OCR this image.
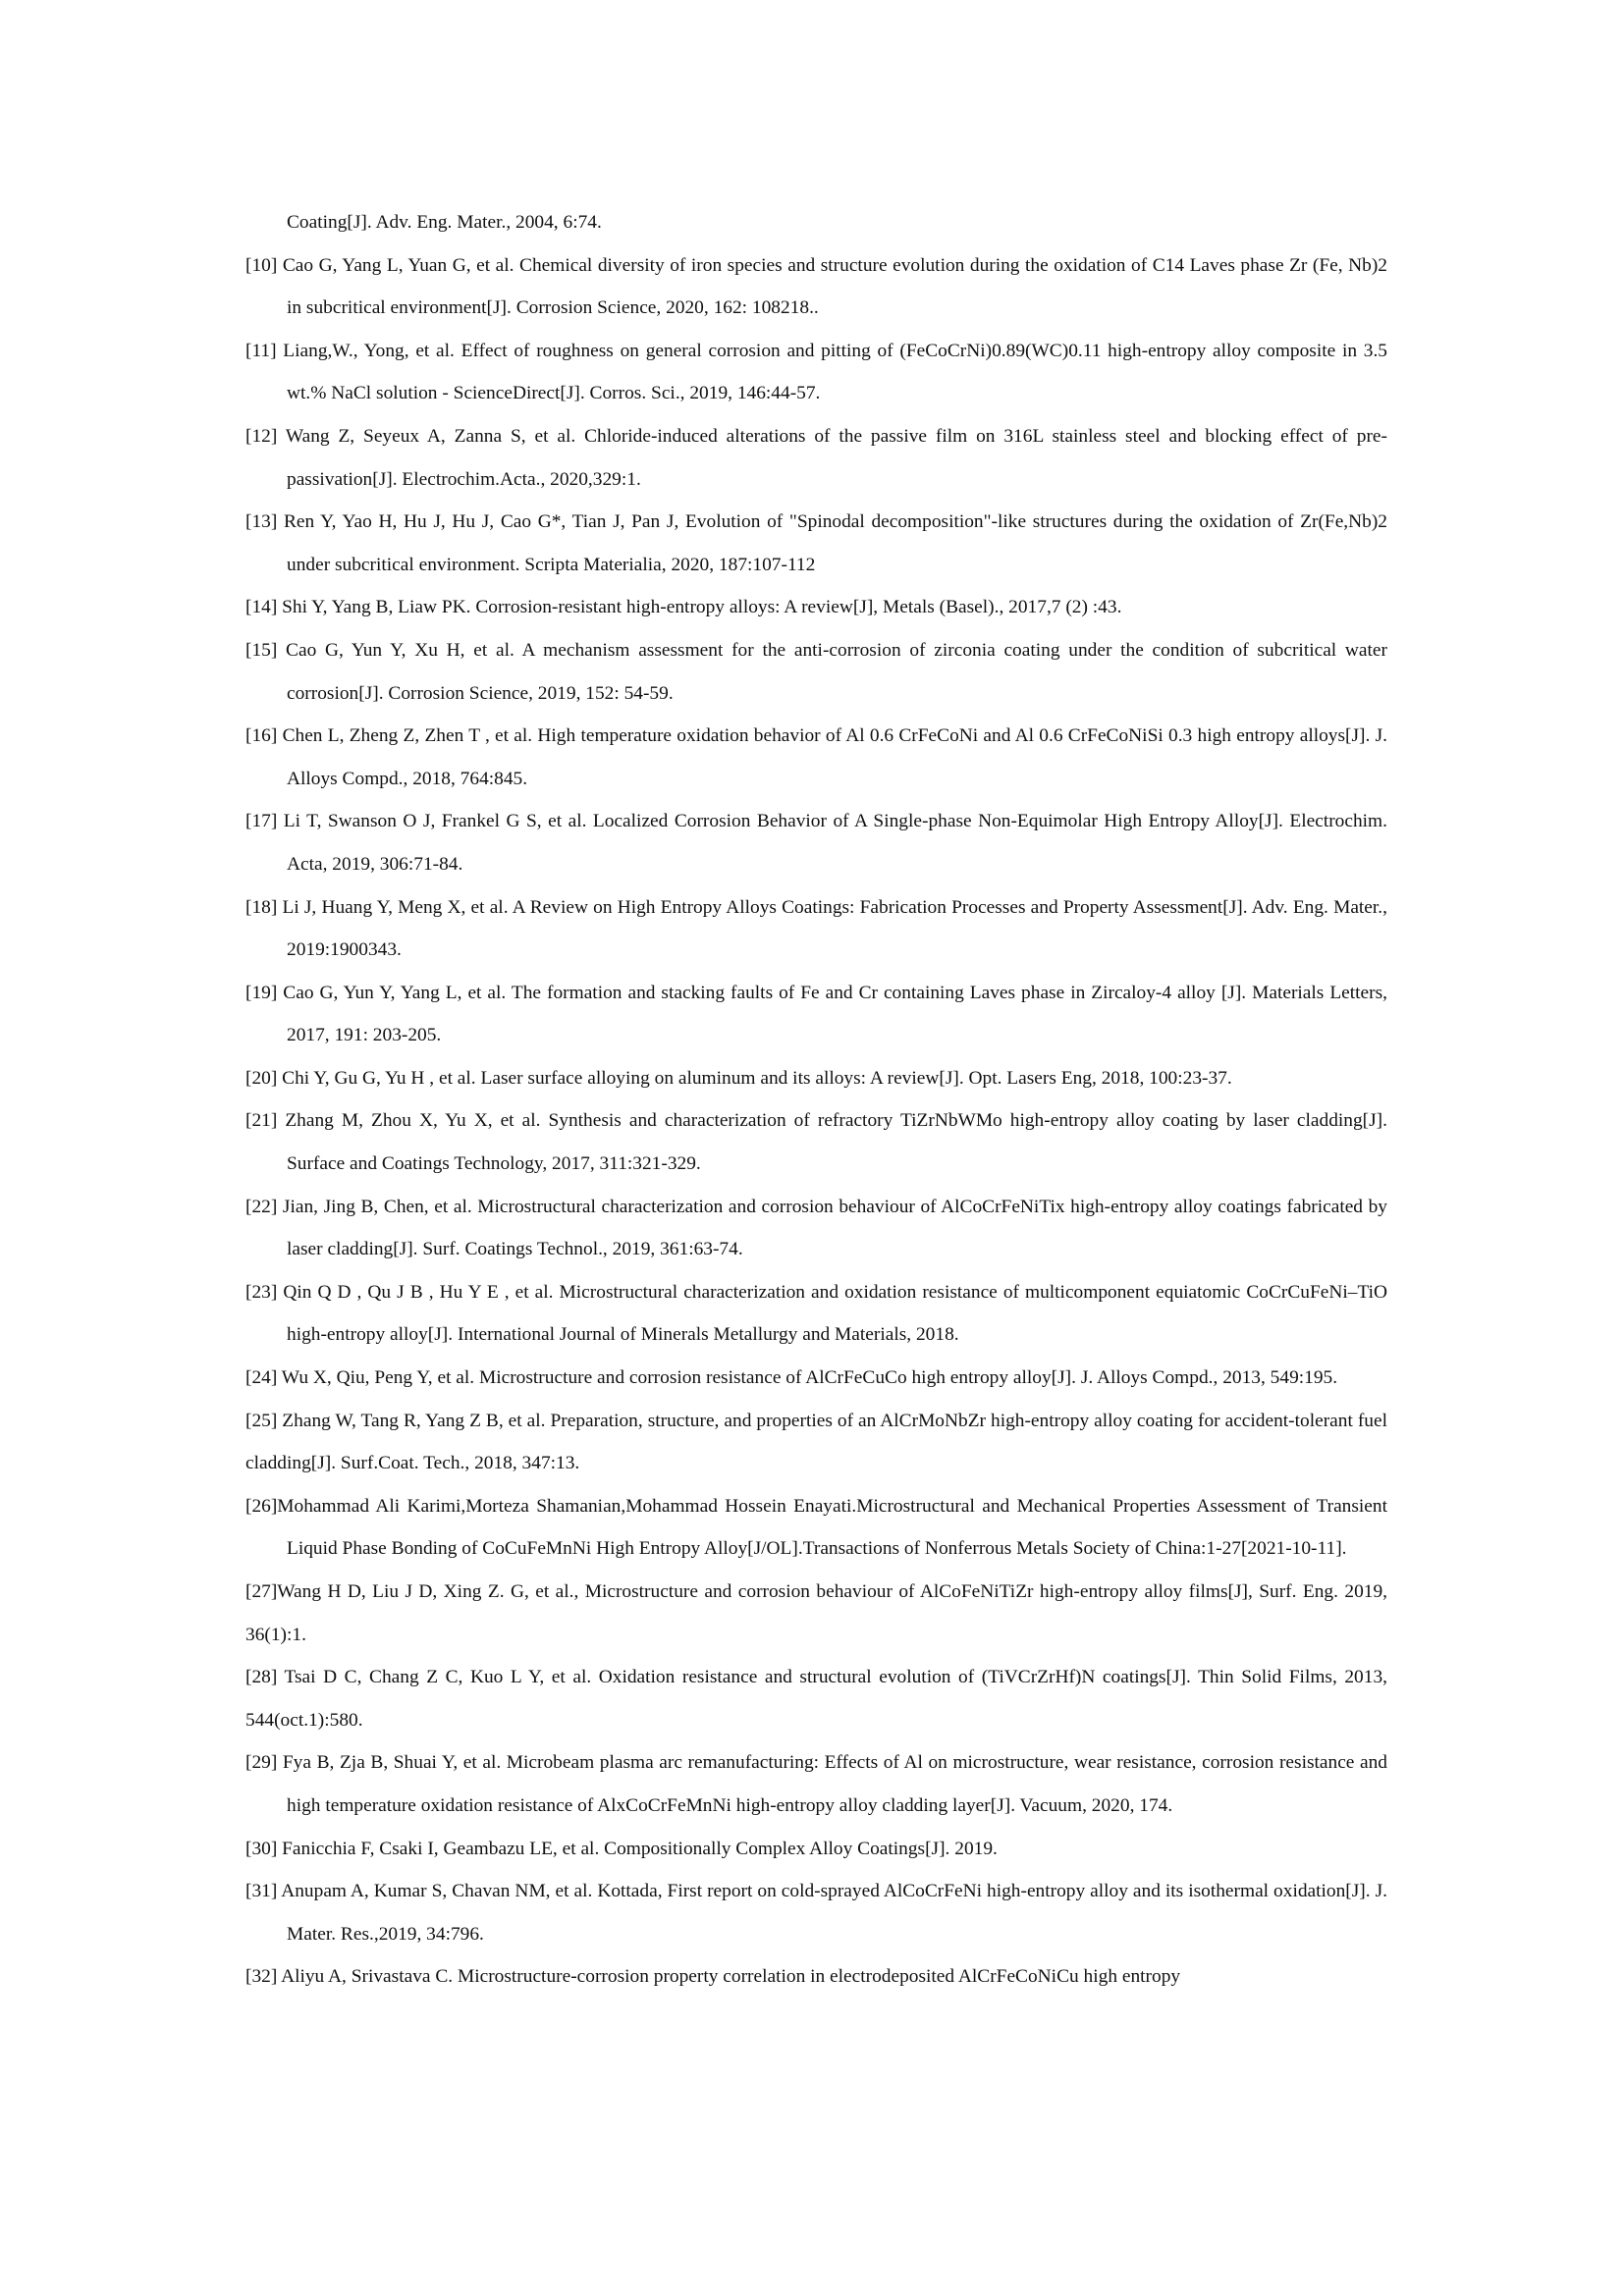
Coating[J]. Adv. Eng. Mater., 2004, 6:74.

[10] Cao G, Yang L, Yuan G, et al. Chemical diversity of iron species and structure evolution during the oxidation of C14 Laves phase Zr (Fe, Nb)2 in subcritical environment[J]. Corrosion Science, 2020, 162: 108218..

[11] Liang,W., Yong, et al. Effect of roughness on general corrosion and pitting of (FeCoCrNi)0.89(WC)0.11 high-entropy alloy composite in 3.5 wt.% NaCl solution - ScienceDirect[J]. Corros. Sci., 2019, 146:44-57.

[12] Wang Z, Seyeux A, Zanna S, et al. Chloride-induced alterations of the passive film on 316L stainless steel and blocking effect of pre-passivation[J]. Electrochim.Acta., 2020,329:1.

[13] Ren Y, Yao H, Hu J, Hu J, Cao G*, Tian J, Pan J, Evolution of "Spinodal decomposition"-like structures during the oxidation of Zr(Fe,Nb)2 under subcritical environment. Scripta Materialia, 2020, 187:107-112

[14] Shi Y, Yang B, Liaw PK. Corrosion-resistant high-entropy alloys: A review[J], Metals (Basel)., 2017,7 (2) :43.

[15] Cao G, Yun Y, Xu H, et al. A mechanism assessment for the anti-corrosion of zirconia coating under the condition of subcritical water corrosion[J]. Corrosion Science, 2019, 152: 54-59.

[16] Chen L, Zheng Z, Zhen T , et al. High temperature oxidation behavior of Al 0.6 CrFeCoNi and Al 0.6 CrFeCoNiSi 0.3 high entropy alloys[J]. J. Alloys Compd., 2018, 764:845.

[17] Li T, Swanson O J, Frankel G S, et al. Localized Corrosion Behavior of A Single-phase Non-Equimolar High Entropy Alloy[J]. Electrochim. Acta, 2019, 306:71-84.

[18] Li J, Huang Y, Meng X, et al. A Review on High Entropy Alloys Coatings: Fabrication Processes and Property Assessment[J]. Adv. Eng. Mater., 2019:1900343.

[19] Cao G, Yun Y, Yang L, et al. The formation and stacking faults of Fe and Cr containing Laves phase in Zircaloy-4 alloy [J]. Materials Letters, 2017, 191: 203-205.

[20] Chi Y, Gu G, Yu H , et al. Laser surface alloying on aluminum and its alloys: A review[J]. Opt. Lasers Eng, 2018, 100:23-37.

[21] Zhang M, Zhou X, Yu X, et al. Synthesis and characterization of refractory TiZrNbWMo high-entropy alloy coating by laser cladding[J]. Surface and Coatings Technology, 2017, 311:321-329.

[22] Jian, Jing B, Chen, et al. Microstructural characterization and corrosion behaviour of AlCoCrFeNiTix high-entropy alloy coatings fabricated by laser cladding[J]. Surf. Coatings Technol., 2019, 361:63-74.

[23] Qin Q D , Qu J B , Hu Y E , et al. Microstructural characterization and oxidation resistance of multicomponent equiatomic CoCrCuFeNi–TiO high-entropy alloy[J]. International Journal of Minerals Metallurgy and Materials, 2018.

[24] Wu X, Qiu, Peng Y, et al. Microstructure and corrosion resistance of AlCrFeCuCo high entropy alloy[J]. J. Alloys Compd., 2013, 549:195.

[25] Zhang W, Tang R, Yang Z B, et al. Preparation, structure, and properties of an AlCrMoNbZr high-entropy alloy coating for accident-tolerant fuel cladding[J]. Surf.Coat. Tech., 2018, 347:13.

[26]Mohammad Ali Karimi,Morteza Shamanian,Mohammad Hossein Enayati.Microstructural and Mechanical Properties Assessment of Transient Liquid Phase Bonding of CoCuFeMnNi High Entropy Alloy[J/OL].Transactions of Nonferrous Metals Society of China:1-27[2021-10-11].

[27]Wang H D, Liu J D, Xing Z. G, et al., Microstructure and corrosion behaviour of AlCoFeNiTiZr high-entropy alloy films[J], Surf. Eng. 2019, 36(1):1.

[28] Tsai D C, Chang Z C, Kuo L Y, et al. Oxidation resistance and structural evolution of (TiVCrZrHf)N coatings[J]. Thin Solid Films, 2013, 544(oct.1):580.

[29] Fya B, Zja B, Shuai Y, et al. Microbeam plasma arc remanufacturing: Effects of Al on microstructure, wear resistance, corrosion resistance and high temperature oxidation resistance of AlxCoCrFeMnNi high-entropy alloy cladding layer[J]. Vacuum, 2020, 174.

[30] Fanicchia F, Csaki I, Geambazu LE, et al. Compositionally Complex Alloy Coatings[J]. 2019.

[31] Anupam A, Kumar S, Chavan NM, et al. Kottada, First report on cold-sprayed AlCoCrFeNi high-entropy alloy and its isothermal oxidation[J]. J. Mater. Res.,2019, 34:796.

[32] Aliyu A, Srivastava C. Microstructure-corrosion property correlation in electrodeposited AlCrFeCoNiCu high entropy
